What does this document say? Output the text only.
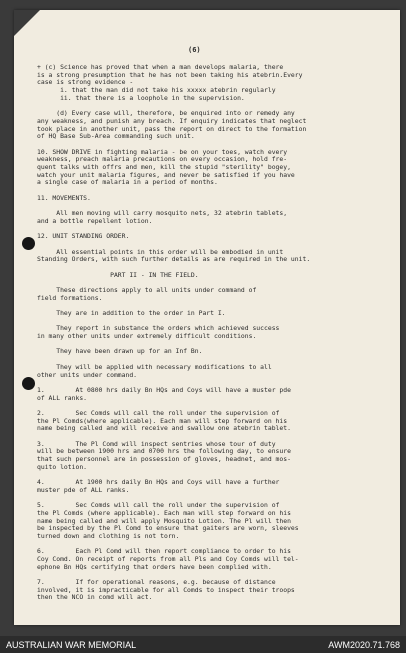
(6)
+ (c) Science has proved that when a man develops malaria, there
is a strong presumption that he has not been taking his atebrin.Every
case is strong evidence -
i. that the man did not take his xxxxx atebrin regularly
ii. that there is a loophole in the supervision.
(d) Every case will, therefore, be enquired into or remedy any
any weakness, and punish any breach. If enquiry indicates that neglect
took place in another unit, pass the report on direct to the formation
of HQ Base Sub-Area commanding such unit.
10. SHOW DRIVE in fighting malaria - be on your toes, watch every
weakness, preach malaria precautions on every occasion, hold fre-
quent talks with offrs and men, kill the stupid "sterility" bogey,
watch your unit malaria figures, and never be satisfied if you have
a single case of malaria in a period of months.
11. MOVEMENTS.
All men moving will carry mosquito nets, 32 atebrin tablets,
and a bottle repellent lotion.
12. UNIT STANDING ORDER.
All essential points in this order will be embodied in unit
Standing Orders, with such further details as are required in the unit.
PART II - IN THE FIELD.
These directions apply to all units under command of
field formations.
They are in addition to the order in Part I.
They report in substance the orders which achieved success
in many other units under extremely difficult conditions.
They have been drawn up for an Inf Bn.
They will be applied with necessary modifications to all
other units under command.
1.        At 0800 hrs daily Bn HQs and Coys will have a muster pde
of ALL ranks.
2.        Sec Comds will call the roll under the supervision of
the Pl Comds(where applicable). Each man will step forward on his
name being called and will receive and swallow one atebrin tablet.
3.        The Pl Comd will inspect sentries whose tour of duty
will be between 1900 hrs and 0700 hrs the following day, to ensure
that such personnel are in possession of gloves, headnet, and mos-
quito lotion.
4.        At 1900 hrs daily Bn HQs and Coys will have a further
muster pde of ALL ranks.
5.        Sec Comds will call the roll under the supervision of
the Pl Comds (where applicable). Each man will step forward on his
name being called and will apply Mosquito Lotion. The Pl will then
be inspected by the Pl Comd to ensure that gaiters are worn, sleeves
turned down and clothing is not torn.
6.        Each Pl Comd will then report compliance to order to his
Coy Comd. On receipt of reports from all Pls and Coy Comds will tel-
ephone Bn HQs certifying that orders have been complied with.
7.        If for operational reasons, e.g. because of distance
involved, it is impracticable for all Comds to inspect their troops
then the NCO in comd will act.
AUSTRALIAN WAR MEMORIAL	AWM2020.71.768
